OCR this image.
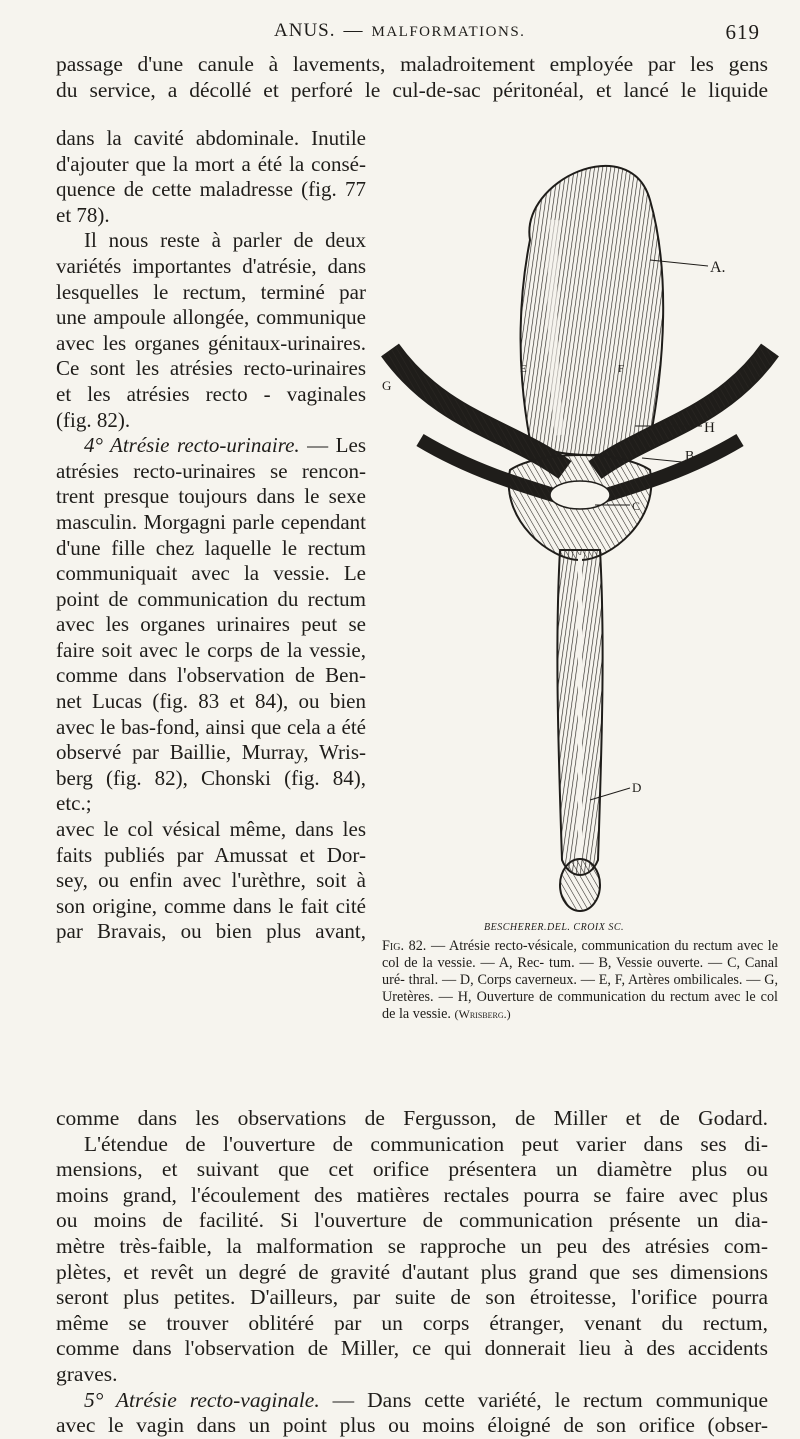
ANUS. — MALFORMATIONS.	619
passage d'une canule à lavements, maladroitement employée par les gens
du service, a décollé et perforé le cul-de-sac péritonéal, et lancé le liquide
dans la cavité abdominale. Inutile
d'ajouter que la mort a été la consé-
quence de cette maladresse (fig. 77
et 78).
Il nous reste à parler de deux
variétés importantes d'atrésie, dans
lesquelles le rectum, terminé par
une ampoule allongée, communique
avec les organes génitaux-urinaires.
Ce sont les atrésies recto-urinaires
et les atrésies recto - vaginales
(fig. 82).
4° Atrésie recto-urinaire. — Les
atrésies recto-urinaires se rencon-
trent presque toujours dans le sexe
masculin. Morgagni parle cependant
d'une fille chez laquelle le rectum
communiquait avec la vessie. Le
point de communication du rectum
avec les organes urinaires peut se
faire soit avec le corps de la vessie,
comme dans l'observation de Ben-
net Lucas (fig. 83 et 84), ou bien
avec le bas-fond, ainsi que cela a été
observé par Baillie, Murray, Wris-
berg (fig. 82), Chonski (fig. 84), etc.;
avec le col vésical même, dans les
faits publiés par Amussat et Dor-
sey, ou enfin avec l'urèthre, soit à
son origine, comme dans le fait cité
par Bravais, ou bien plus avant,
A.
E	F
G
H
B
C
D
BESCHERER.DEL. CROIX SC.
Fig. 82. — Atrésie recto-vésicale, communication du rectum avec le col de la vessie. — A, Rec- tum. — B, Vessie ouverte. — C, Canal uré- thral. — D, Corps caverneux. — E, F, Artères ombilicales. — G, Uretères. — H, Ouverture de communication du rectum avec le col de la vessie. (Wrisberg.)
comme dans les observations de Fergusson, de Miller et de Godard.
L'étendue de l'ouverture de communication peut varier dans ses di-
mensions, et suivant que cet orifice présentera un diamètre plus ou
moins grand, l'écoulement des matières rectales pourra se faire avec plus
ou moins de facilité. Si l'ouverture de communication présente un dia-
mètre très-faible, la malformation se rapproche un peu des atrésies com-
plètes, et revêt un degré de gravité d'autant plus grand que ses dimensions
seront plus petites. D'ailleurs, par suite de son étroitesse, l'orifice pourra
même se trouver oblitéré par un corps étranger, venant du rectum,
comme dans l'observation de Miller, ce qui donnerait lieu à des accidents
graves.
5° Atrésie recto-vaginale. — Dans cette variété, le rectum communique
avec le vagin dans un point plus ou moins éloigné de son orifice (obser-
